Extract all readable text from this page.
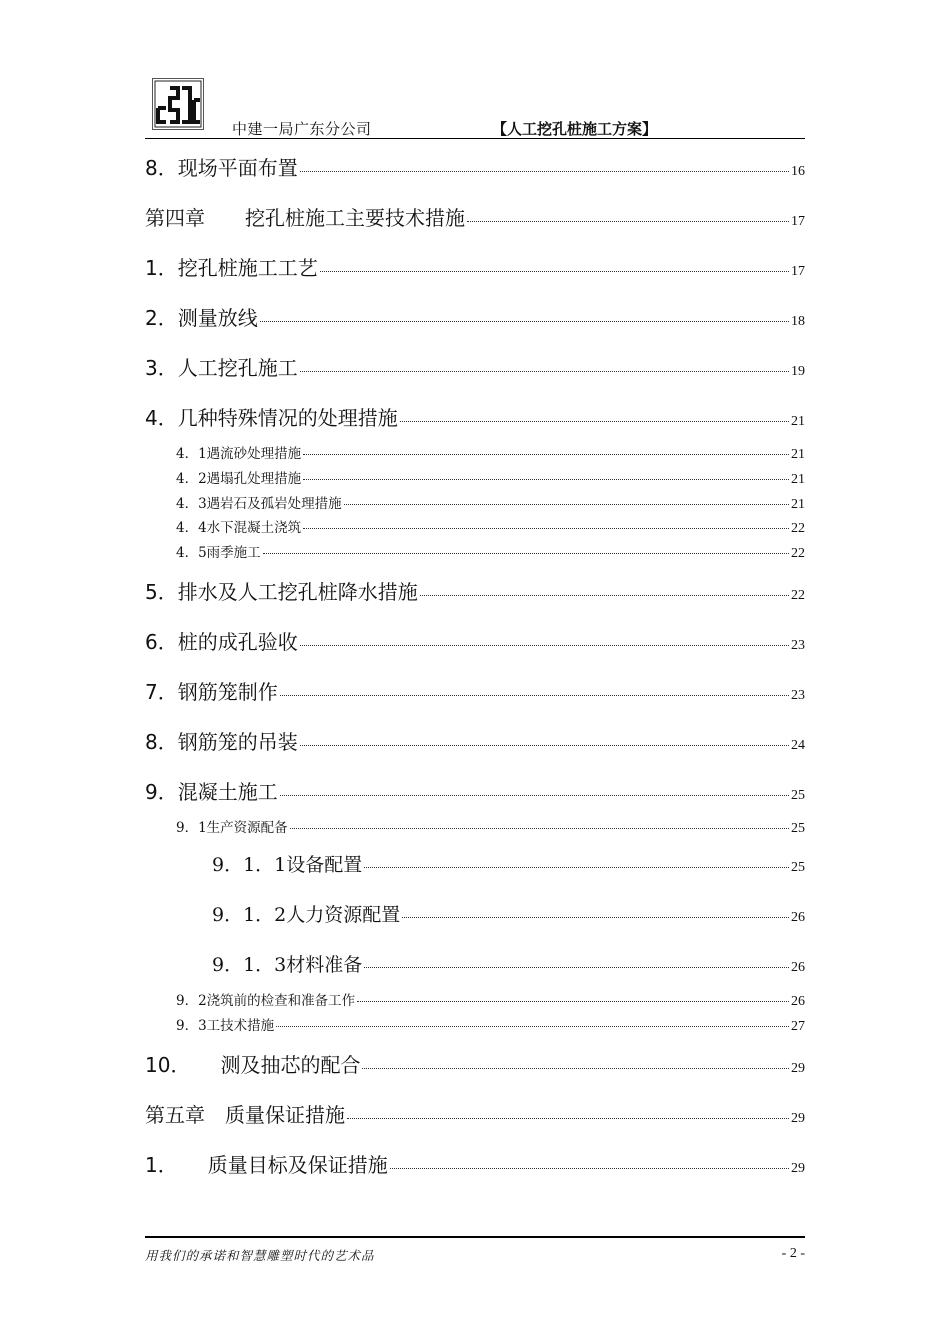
中建一局广东分公司	【人工挖孔桩施工方案】
8．现场平面布置	16
第四章　　挖孔桩施工主要技术措施	17
1．挖孔桩施工工艺	17
2．测量放线	18
3．人工挖孔施工	19
4．几种特殊情况的处理措施	21
4．1遇流砂处理措施	21
4．2遇塌孔处理措施	21
4．3遇岩石及孤岩处理措施	21
4．4水下混凝土浇筑	22
4．5雨季施工	22
5．排水及人工挖孔桩降水措施	22
6．桩的成孔验收	23
7．钢筋笼制作	23
8．钢筋笼的吊装	24
9．混凝土施工	25
9．1生产资源配备	25
9．1．1设备配置	25
9．1．2人力资源配置	26
9．1．3材料准备	26
9．2浇筑前的检查和准备工作	26
9．3工技术措施	27
10．　　测及抽芯的配合	29
第五章　质量保证措施	29
1．　　质量目标及保证措施	29
用我们的承诺和智慧雕塑时代的艺术品	- 2 -
